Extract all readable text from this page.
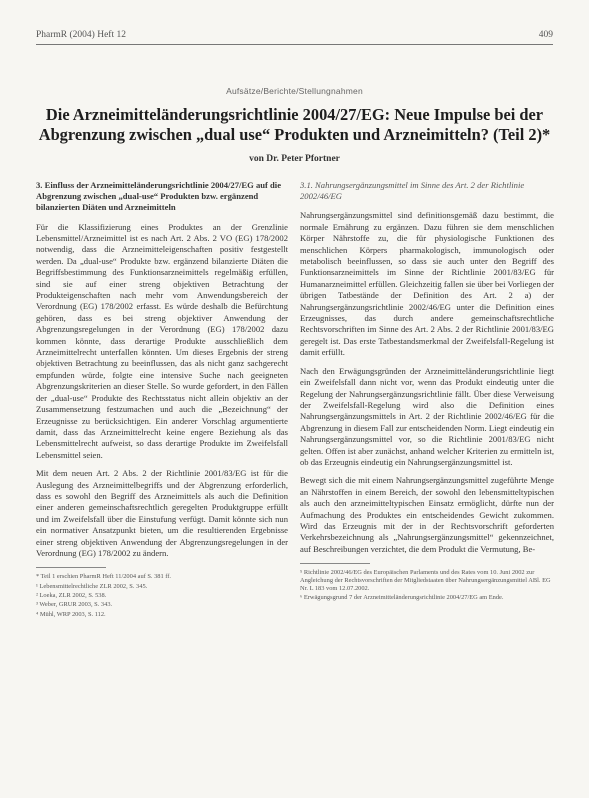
PharmR (2004) Heft 12	409
Aufsätze/Berichte/Stellungnahmen
Die Arzneimitteländerungsrichtlinie 2004/27/EG: Neue Impulse bei der Abgrenzung zwischen „dual use“ Produkten und Arzneimitteln? (Teil 2)*
von Dr. Peter Pfortner

3. Einfluss der Arzneimitteländerungsrichtlinie 2004/27/EG auf die Abgrenzung zwischen „dual-use“ Produkten bzw. ergänzend bilanzierten Diäten und Arzneimitteln

Für die Klassifizierung eines Produktes an der Grenzlinie Lebensmittel/Arzneimittel ist es nach Art. 2 Abs. 2 VO (EG) 178/2002 notwendig, dass die Arzneimitteleigenschaften positiv festgestellt werden. Da „dual-use“ Produkte bzw. ergänzend bilanzierte Diäten die Begriffsbestimmung des Funktionsarzneimittels regelmäßig erfüllen, sind sie auf einer streng objektiven Betrachtung der Produkteigenschaften nach mehr vom Anwendungsbereich der Verordnung (EG) 178/2002 erfasst. Es würde deshalb die Befürchtung gehören, dass es bei streng objektiver Anwendung der Abgrenzungsregelungen in der Verordnung (EG) 178/2002 dazu kommen könnte, dass derartige Produkte ausschließlich dem Arzneimittelrecht unterfallen könnten. Um dieses Ergebnis der streng objektiven Betrachtung zu beeinflussen, das als nicht ganz sachgerecht empfunden würde, folgte eine intensive Suche nach geeigneten Abgrenzungskriterien an dieser Stelle. So wurde gefordert, in den Fällen der „dual-use“ Produkte des Rechtsstatus nicht allein objektiv an der Zusammensetzung festzumachen und auch die „Bezeichnung“ der Erzeugnisse zu berücksichtigen. Ein anderer Vorschlag argumentierte damit, dass das Arzneimittelrecht keine engere Beziehung als das Lebensmittelrecht aufweist, so dass derartige Produkte im Zweifelsfall Lebensmittel seien.

Mit dem neuen Art. 2 Abs. 2 der Richtlinie 2001/83/EG ist für die Auslegung des Arzneimittelbegriffs und der Abgrenzung erforderlich, dass es sowohl den Begriff des Arzneimittels als auch die Definition einer anderen gemeinschaftsrechtlich geregelten Produktgruppe erfüllt und im Zweifelsfall über die Einstufung verfügt. Damit könnte sich nun ein normativer Ansatzpunkt bieten, um die resultierenden Ergebnisse einer streng objektiven Anwendung der Abgrenzungsregelungen in der Verordnung (EG) 178/2002 zu ändern.

* Teil 1 erschien PharmR Heft 11/2004 auf S. 381 ff.

¹ Lebensmittelrechtliche ZLR 2002, S. 345.

² Loeka, ZLR 2002, S. 538.

³ Weber, GRUR 2003, S. 343.

⁴ Mühl, WRP 2003, S. 112.

3.1. Nahrungsergänzungsmittel im Sinne des Art. 2 der Richtlinie 2002/46/EG

Nahrungsergänzungsmittel sind definitionsgemäß dazu bestimmt, die normale Ernährung zu ergänzen. Dazu führen sie dem menschlichen Körper Nährstoffe zu, die für physiologische Funktionen des menschlichen Körpers pharmakologisch, immunologisch oder metabolisch beeinflussen, so dass sie auch unter den Begriff des Funktionsarzneimittels im Sinne der Richtlinie 2001/83/EG für Humanarzneimittel erfüllen. Gleichzeitig fallen sie über bei Vorliegen der übrigen Tatbestände der Definition des Art. 2 a) der Nahrungsergänzungsrichtlinie 2002/46/EG unter die Definition eines Erzeugnisses, das durch andere gemeinschaftsrechtliche Rechtsvorschriften im Sinne des Art. 2 Abs. 2 der Richtlinie 2001/83/EG geregelt ist. Das erste Tatbestandsmerkmal der Zweifelsfall-Regelung ist damit erfüllt.

Nach den Erwägungsgründen der Arzneimitteländerungsrichtlinie liegt ein Zweifelsfall dann nicht vor, wenn das Produkt eindeutig unter die Regelung der Nahrungsergänzungsrichtlinie fällt. Über diese Verweisung der Zweifelsfall-Regelung wird also die Definition eines Nahrungsergänzungsmittels in Art. 2 der Richtlinie 2002/46/EG für die Abgrenzung in diesem Fall zur entscheidenden Norm. Liegt eindeutig ein Nahrungsergänzungsmittel vor, so die Richtlinie 2001/83/EG nicht gelten. Offen ist aber zunächst, anhand welcher Kriterien zu ermitteln ist, ob das Erzeugnis eindeutig ein Nahrungsergänzungsmittel ist.

Bewegt sich die mit einem Nahrungsergänzungsmittel zugeführte Menge an Nährstoffen in einem Bereich, der sowohl den lebensmitteltypischen als auch den arzneimitteltypischen Einsatz ermöglicht, dürfte nun der Aufmachung des Produktes ein entscheidendes Gewicht zukommen. Wird das Erzeugnis mit der in der Rechtsvorschrift geforderten Verkehrsbezeichnung als „Nahrungsergänzungsmittel“ gekennzeichnet, auf Beschreibungen verzichtet, die dem Produkt die Vermutung, Be-

⁵ Richtlinie 2002/46/EG des Europäischen Parlaments und des Rates vom 10. Juni 2002 zur Angleichung der Rechtsvorschriften der Mitgliedstaaten über Nahrungsergänzungsmittel ABl. EG Nr. L 183 vom 12.07.2002.

⁶ Erwägungsgrund 7 der Arzneimitteländerungsrichtlinie 2004/27/EG am Ende.
